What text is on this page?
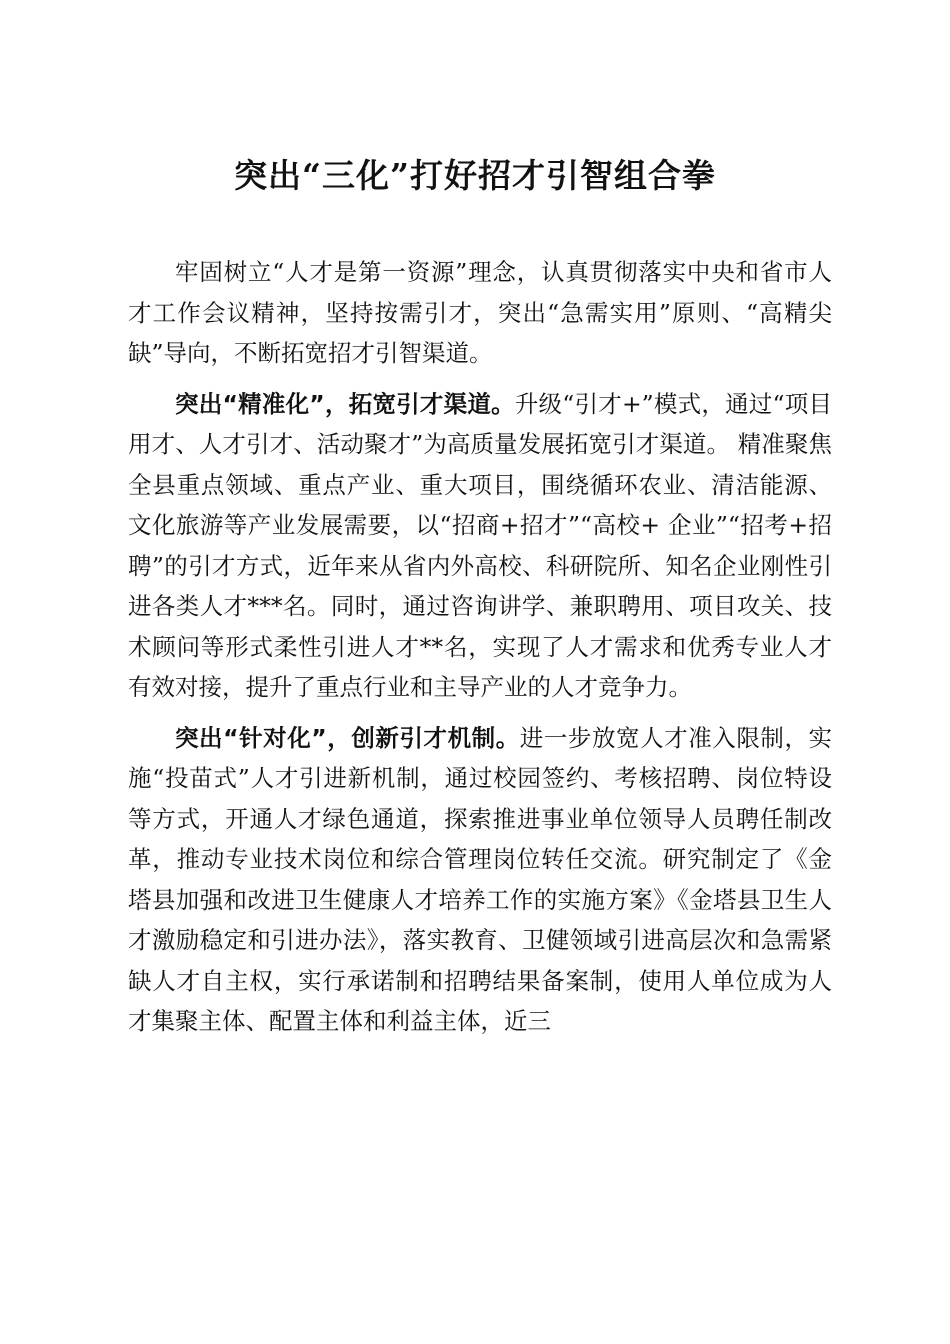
突出“三化”打好招才引智组合拳

牢固树立“人才是第一资源”理念，认真贯彻落实中央和省市人才工作会议精神，坚持按需引才，突出“急需实用”原则、“高精尖缺”导向，不断拓宽招才引智渠道。

突出“精准化”，拓宽引才渠道。升级“引才+”模式，通过“项目用才、人才引才、活动聚才”为高质量发展拓宽引才渠道。 精准聚焦全县重点领域、重点产业、重大项目，围绕循环农业、清洁能源、文化旅游等产业发展需要，以“招商+招才”“高校+ 企业”“招考+招聘”的引才方式，近年来从省内外高校、科研院所、知名企业刚性引进各类人才***名。同时，通过咨询讲学、兼职聘用、项目攻关、技术顾问等形式柔性引进人才**名，实现了人才需求和优秀专业人才有效对接，提升了重点行业和主导产业的人才竞争力。

突出“针对化”，创新引才机制。进一步放宽人才准入限制，实施“投苗式”人才引进新机制，通过校园签约、考核招聘、岗位特设等方式，开通人才绿色通道，探索推进事业单位领导人员聘任制改革，推动专业技术岗位和综合管理岗位转任交流。研究制定了《金塔县加强和改进卫生健康人才培养工作的实施方案》《金塔县卫生人才激励稳定和引进办法》，落实教育、卫健领域引进高层次和急需紧缺人才自主权，实行承诺制和招聘结果备案制，使用人单位成为人才集聚主体、配置主体和利益主体，近三
